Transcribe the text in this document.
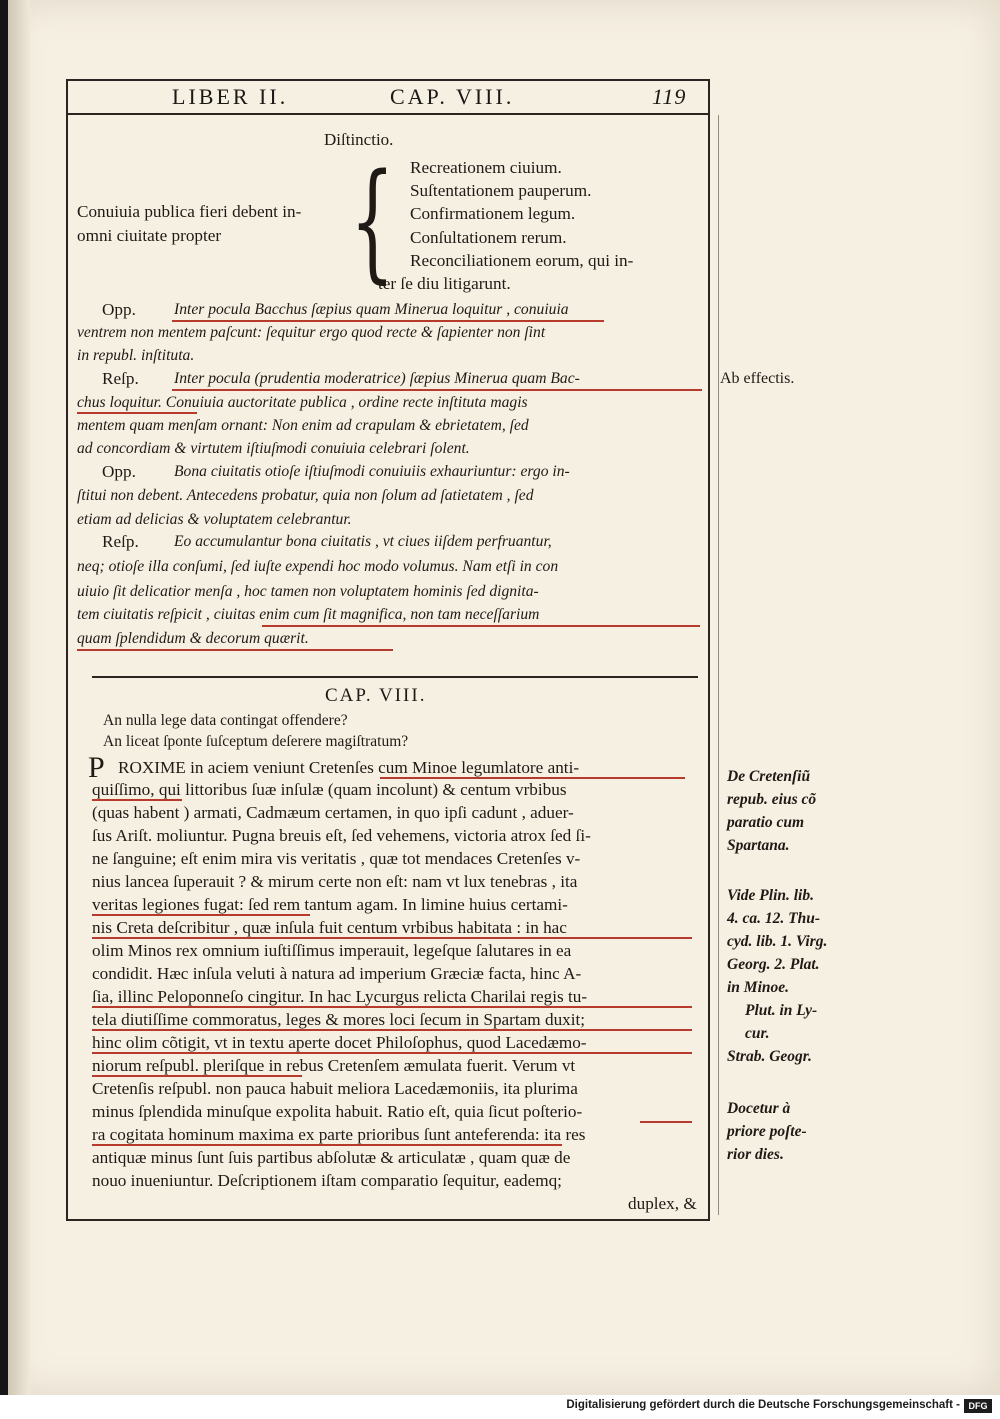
LIBER II.	CAP. VIII.	119
Diſtinctio.
Conuiuia publica fieri debent in-
omni ciuitate propter { Recreationem ciuium.
Suſtentationem pauperum.
Confirmationem legum.
Conſultationem rerum.
Reconciliationem eorum, qui in-
ter ſe diu litigarunt.
Opp. Inter pocula Bacchus ſæpius quam Minerua loquitur , conuiuia
ventrem non mentem paſcunt: ſequitur ergo quod recte & ſapienter non ſint
in republ. inſtituta.
Reſp. Inter pocula (prudentia moderatrice) ſæpius Minerua quam Bac-
chus loquitur. Conuiuia auctoritate publica , ordine recte inſtituta magis
mentem quam menſam ornant: Non enim ad crapulam & ebrietatem, ſed
ad concordiam & virtutem iſtiuſmodi conuiuia celebrari ſolent.
Opp. Bona ciuitatis otioſe iſtiuſmodi conuiuiis exhauriuntur: ergo in-
ſtitui non debent. Antecedens probatur, quia non ſolum ad ſatietatem , ſed
etiam ad delicias & voluptatem celebrantur.
Reſp. Eo accumulantur bona ciuitatis , vt ciues iiſdem perfruantur,
neq; otioſe illa conſumi, ſed iuſte expendi hoc modo volumus. Nam etſi in con
uiuio ſit delicatior menſa , hoc tamen non voluptatem hominis ſed dignita-
tem ciuitatis reſpicit , ciuitas enim cum ſit magnifica, non tam neceſſarium
quam ſplendidum & decorum quærit.
Ab effectis.
CAP. VIII.
An nulla lege data contingat offendere?
An liceat ſponte ſuſceptum deſerere magiſtratum?
P ROXIME in aciem veniunt Cretenſes cum Minoe legumlatore anti-
quiſſimo, qui littoribus ſuæ inſulæ (quam incolunt) & centum vrbibus
(quas habent ) armati, Cadmæum certamen, in quo ipſi cadunt , aduer-
ſus Ariſt. moliuntur. Pugna breuis eſt, ſed vehemens, victoria atrox ſed ſi-
ne ſanguine; eſt enim mira vis veritatis , quæ tot mendaces Cretenſes v-
nius lancea ſuperauit ? & mirum certe non eſt: nam vt lux tenebras , ita
veritas legiones fugat: ſed rem tantum agam. In limine huius certami-
nis Creta deſcribitur , quæ inſula fuit centum vrbibus habitata : in hac
olim Minos rex omnium iuſtiſſimus imperauit, legeſque ſalutares in ea
condidit. Hæc inſula veluti à natura ad imperium Græciæ facta, hinc A-
ſia, illinc Peloponneſo cingitur. In hac Lycurgus relicta Charilai regis tu-
tela diutiſſime commoratus, leges & mores loci ſecum in Spartam duxit;
hinc olim cõtigit, vt in textu aperte docet Philoſophus, quod Lacedæmo-
niorum reſpubl. pleriſque in rebus Cretenſem æmulata fuerit. Verum vt
Cretenſis reſpubl. non pauca habuit meliora Lacedæmoniis, ita plurima
minus ſplendida minuſque expolita habuit. Ratio eſt, quia ſicut poſterio-
ra cogitata hominum maxima ex parte prioribus ſunt anteferenda: ita res
antiquæ minus ſunt ſuis partibus abſolutæ & articulatæ , quam quæ de
nouo inueniuntur. Deſcriptionem iſtam comparatio ſequitur, eademq;
duplex, &
De Cretenſiũ
repub. eius cõ
paratio cum
Spartana.
Vide Plin. lib.
4. ca. 12. Thu-
cyd. lib. 1. Virg.
Georg. 2. Plat.
in Minoe.
Plut. in Ly-
cur.
Strab. Geogr.
Docetur à
priore poſte-
rior dies.
Digitalisierung gefördert durch die Deutsche Forschungsgemeinschaft - DFG
